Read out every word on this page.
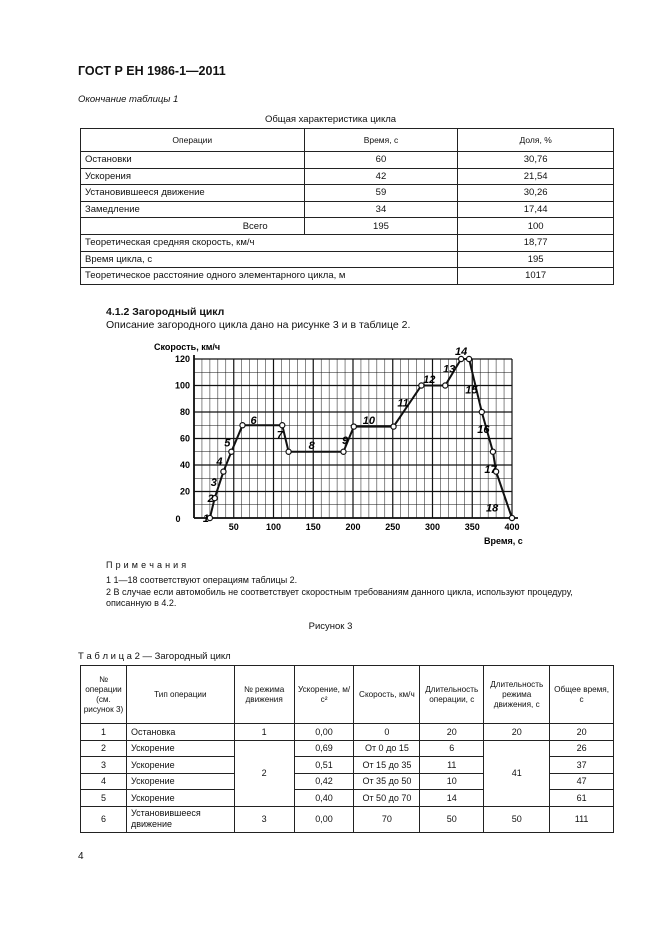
ГОСТ Р ЕН 1986-1—2011
Окончание таблицы 1
Общая характеристика цикла
Операции	Время, с	Доля, %
Остановки	60	30,76
Ускорения	42	21,54
Установившееся движение	59	30,26
Замедление	34	17,44
Всего	195	100
Теоретическая средняя скорость, км/ч		18,77
Время цикла, с		195
Теоретическое расстояние одного элементарного цикла, м		1017
4.1.2 Загородный цикл
Описание загородного цикла дано на рисунке 3 и в таблице 2.
0
50	100	150	200	250	300	350	400
20
40
60
80
100
120
1
2
3
4
5
6
7
8 9
10
11
12
13
14
15
16
17
18
Скорость, км/ч
Время, с
П р и м е ч а н и я
1 1—18 соответствуют операциям таблицы 2.
2 В случае если автомобиль не соответствует скоростным требованиям данного цикла, используют процедуру, описанную в 4.2.
Рисунок 3
Т а б л и ц а 2 — Загородный цикл
№ операции (см. рисунок 3)	Тип операции	№ режима движения	Ускорение, м/с²	Скорость, км/ч	Длительность операции, с	Длительность режима движения, с	Общее время, с
1	Остановка	1	0,00	0	20	20	20
2	Ускорение	2	0,69	От 0 до 15	6	41	26
3	Ускорение		0,51	От 15 до 35	11		37
4	Ускорение		0,42	От 35 до 50	10		47
5	Ускорение		0,40	От 50 до 70	14		61
6	Установившееся движение	3	0,00	70	50	50	111
4
